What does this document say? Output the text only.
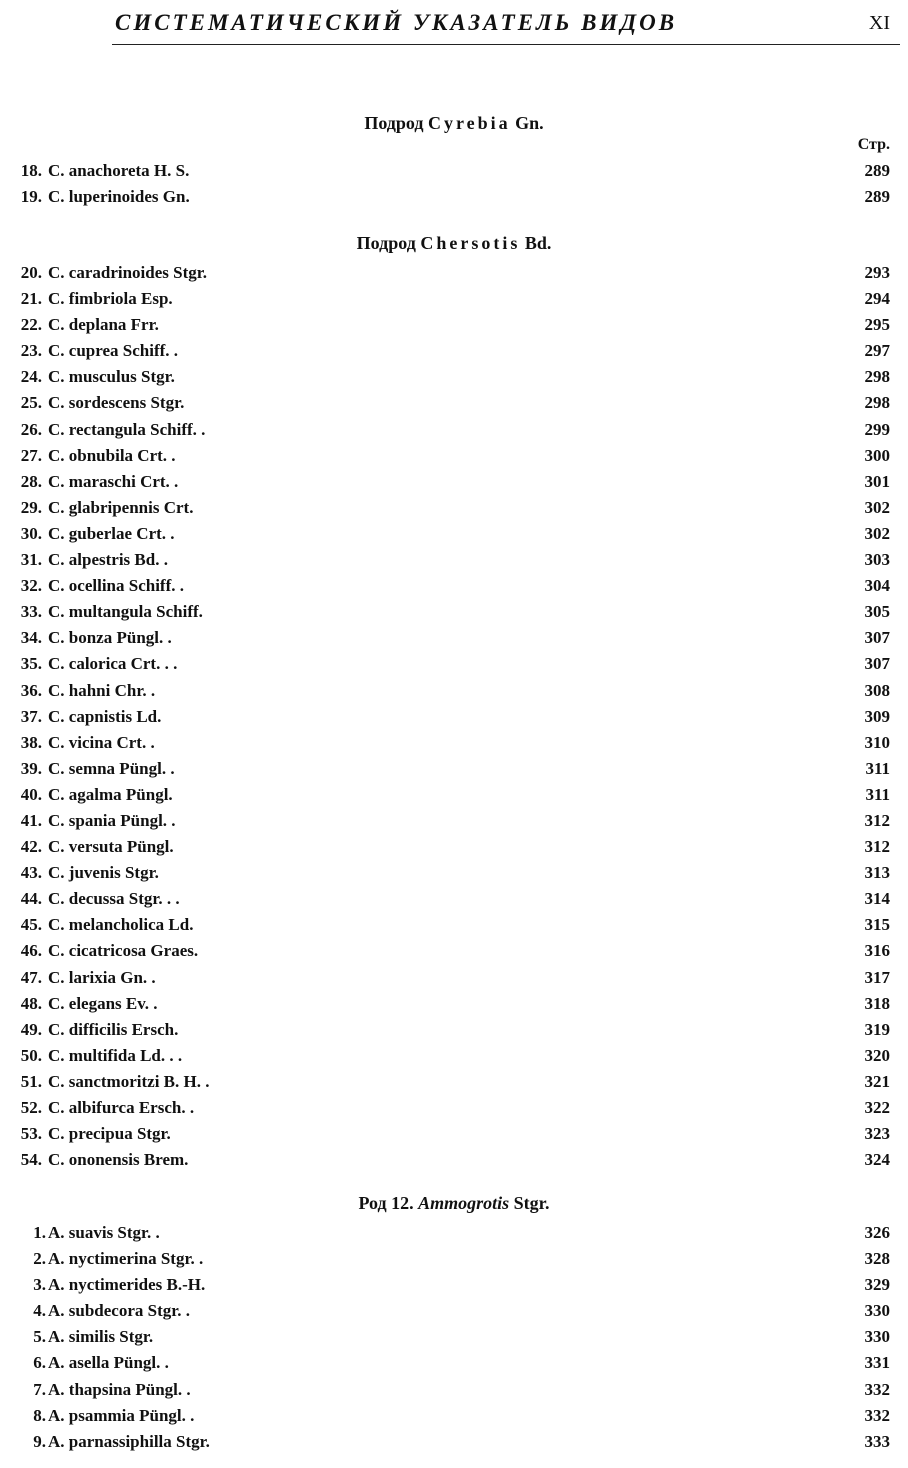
СИСТЕМАТИЧЕСКИЙ УКАЗАТЕЛЬ ВИДОВ	XI
Подрод Cyrebia Gn.
Стр.
18. C. anachoreta H. S.	289
19. C. luperinoides Gn.	289
Подрод Chersotis Bd.
20. C. caradrinoides Stgr.	293
21. C. fimbriola Esp.	294
22. C. deplana Frr.	295
23. C. cuprea Schiff. .	297
24. C. musculus Stgr.	298
25. C. sordescens Stgr.	298
26. C. rectangula Schiff. .	299
27. C. obnubila Crt. .	300
28. C. maraschi Crt. .	301
29. C. glabripennis Crt.	302
30. C. guberlae Crt. .	302
31. C. alpestris Bd. .	303
32. C. ocellina Schiff. .	304
33. C. multangula Schiff.	305
34. C. bonza Püngl. .	307
35. C. calorica Crt. . .	307
36. C. hahni Chr. .	308
37. C. capnistis Ld.	309
38. C. vicina Crt. .	310
39. C. semna Püngl. .	311
40. C. agalma Püngl.	311
41. C. spania Püngl. .	312
42. C. versuta Püngl.	312
43. C. juvenis Stgr.	313
44. C. decussa Stgr. . .	314
45. C. melancholica Ld.	315
46. C. cicatricosa Graes.	316
47. C. larixia Gn. .	317
48. C. elegans Ev. .	318
49. C. difficilis Ersch.	319
50. C. multifida Ld. . .	320
51. C. sanctmoritzi B. H. .	321
52. C. albifurca Ersch. .	322
53. C. precipua Stgr.	323
54. C. ononensis Brem.	324
Род 12. Ammogrotis Stgr.
1. A. suavis Stgr. .	326
2. A. nyctimerina Stgr. .	328
3. A. nyctimerides B.-H.	329
4. A. subdecora Stgr. .	330
5. A. similis Stgr.	330
6. A. asella Püngl. .	331
7. A. thapsina Püngl. .	332
8. A. psammia Püngl. .	332
9. A. parnassiphilla Stgr.	333
